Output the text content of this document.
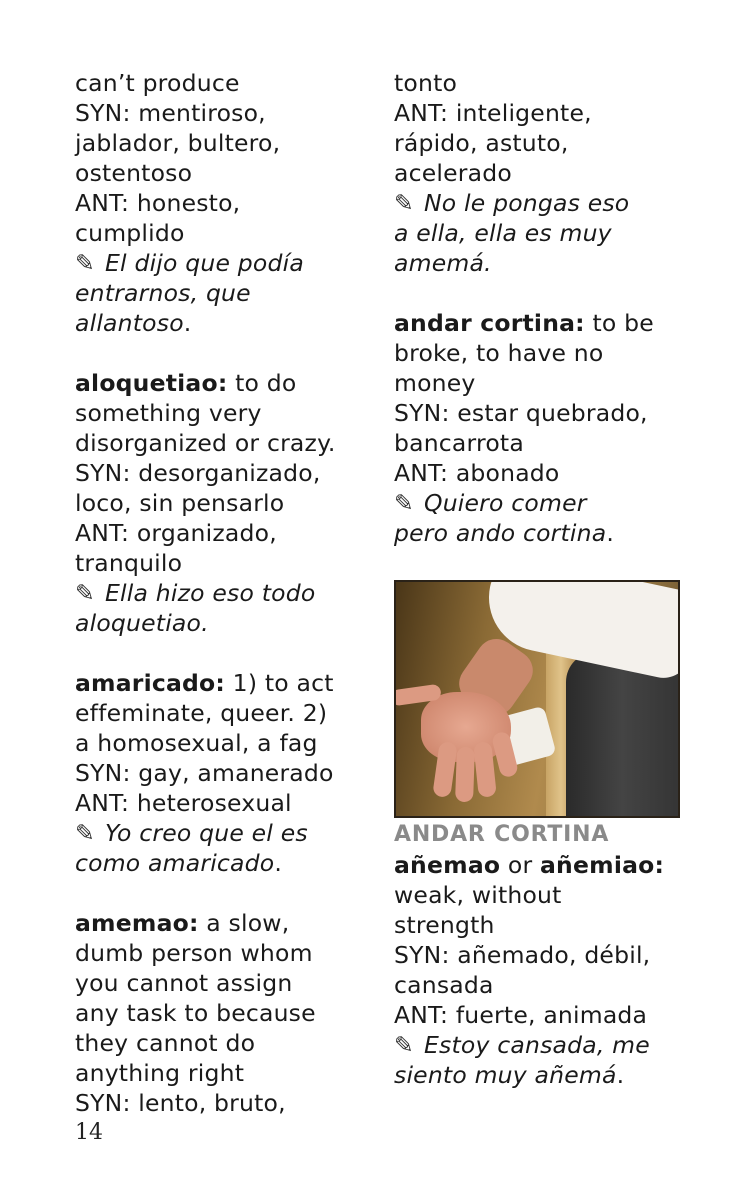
can’t produce
SYN: mentiroso,
jablador, bultero,
ostentoso
ANT: honesto,
cumplido
✎ El dijo que podía
entrarnos, que
allantoso.
aloquetiao: to do
something very
disorganized or crazy.
SYN: desorganizado,
loco, sin pensarlo
ANT: organizado,
tranquilo
✎ Ella hizo eso todo
aloquetiao.
amaricado: 1) to act
effeminate, queer. 2)
a homosexual, a fag
SYN: gay, amanerado
ANT: heterosexual
✎ Yo creo que el es
como amaricado.
amemao: a slow,
dumb person whom
you cannot assign
any task to because
they cannot do
anything right
SYN: lento, bruto,
tonto
ANT: inteligente,
rápido, astuto,
acelerado
✎ No le pongas eso
a ella, ella es muy
amemá.
andar cortina: to be
broke, to have no
money
SYN: estar quebrado,
bancarrota
ANT: abonado
✎ Quiero comer
pero ando cortina.
ANDAR CORTINA
añemao or añemiao:
weak, without
strength
SYN: añemado, débil,
cansada
ANT: fuerte, animada
✎ Estoy cansada, me
siento muy añemá.
14
